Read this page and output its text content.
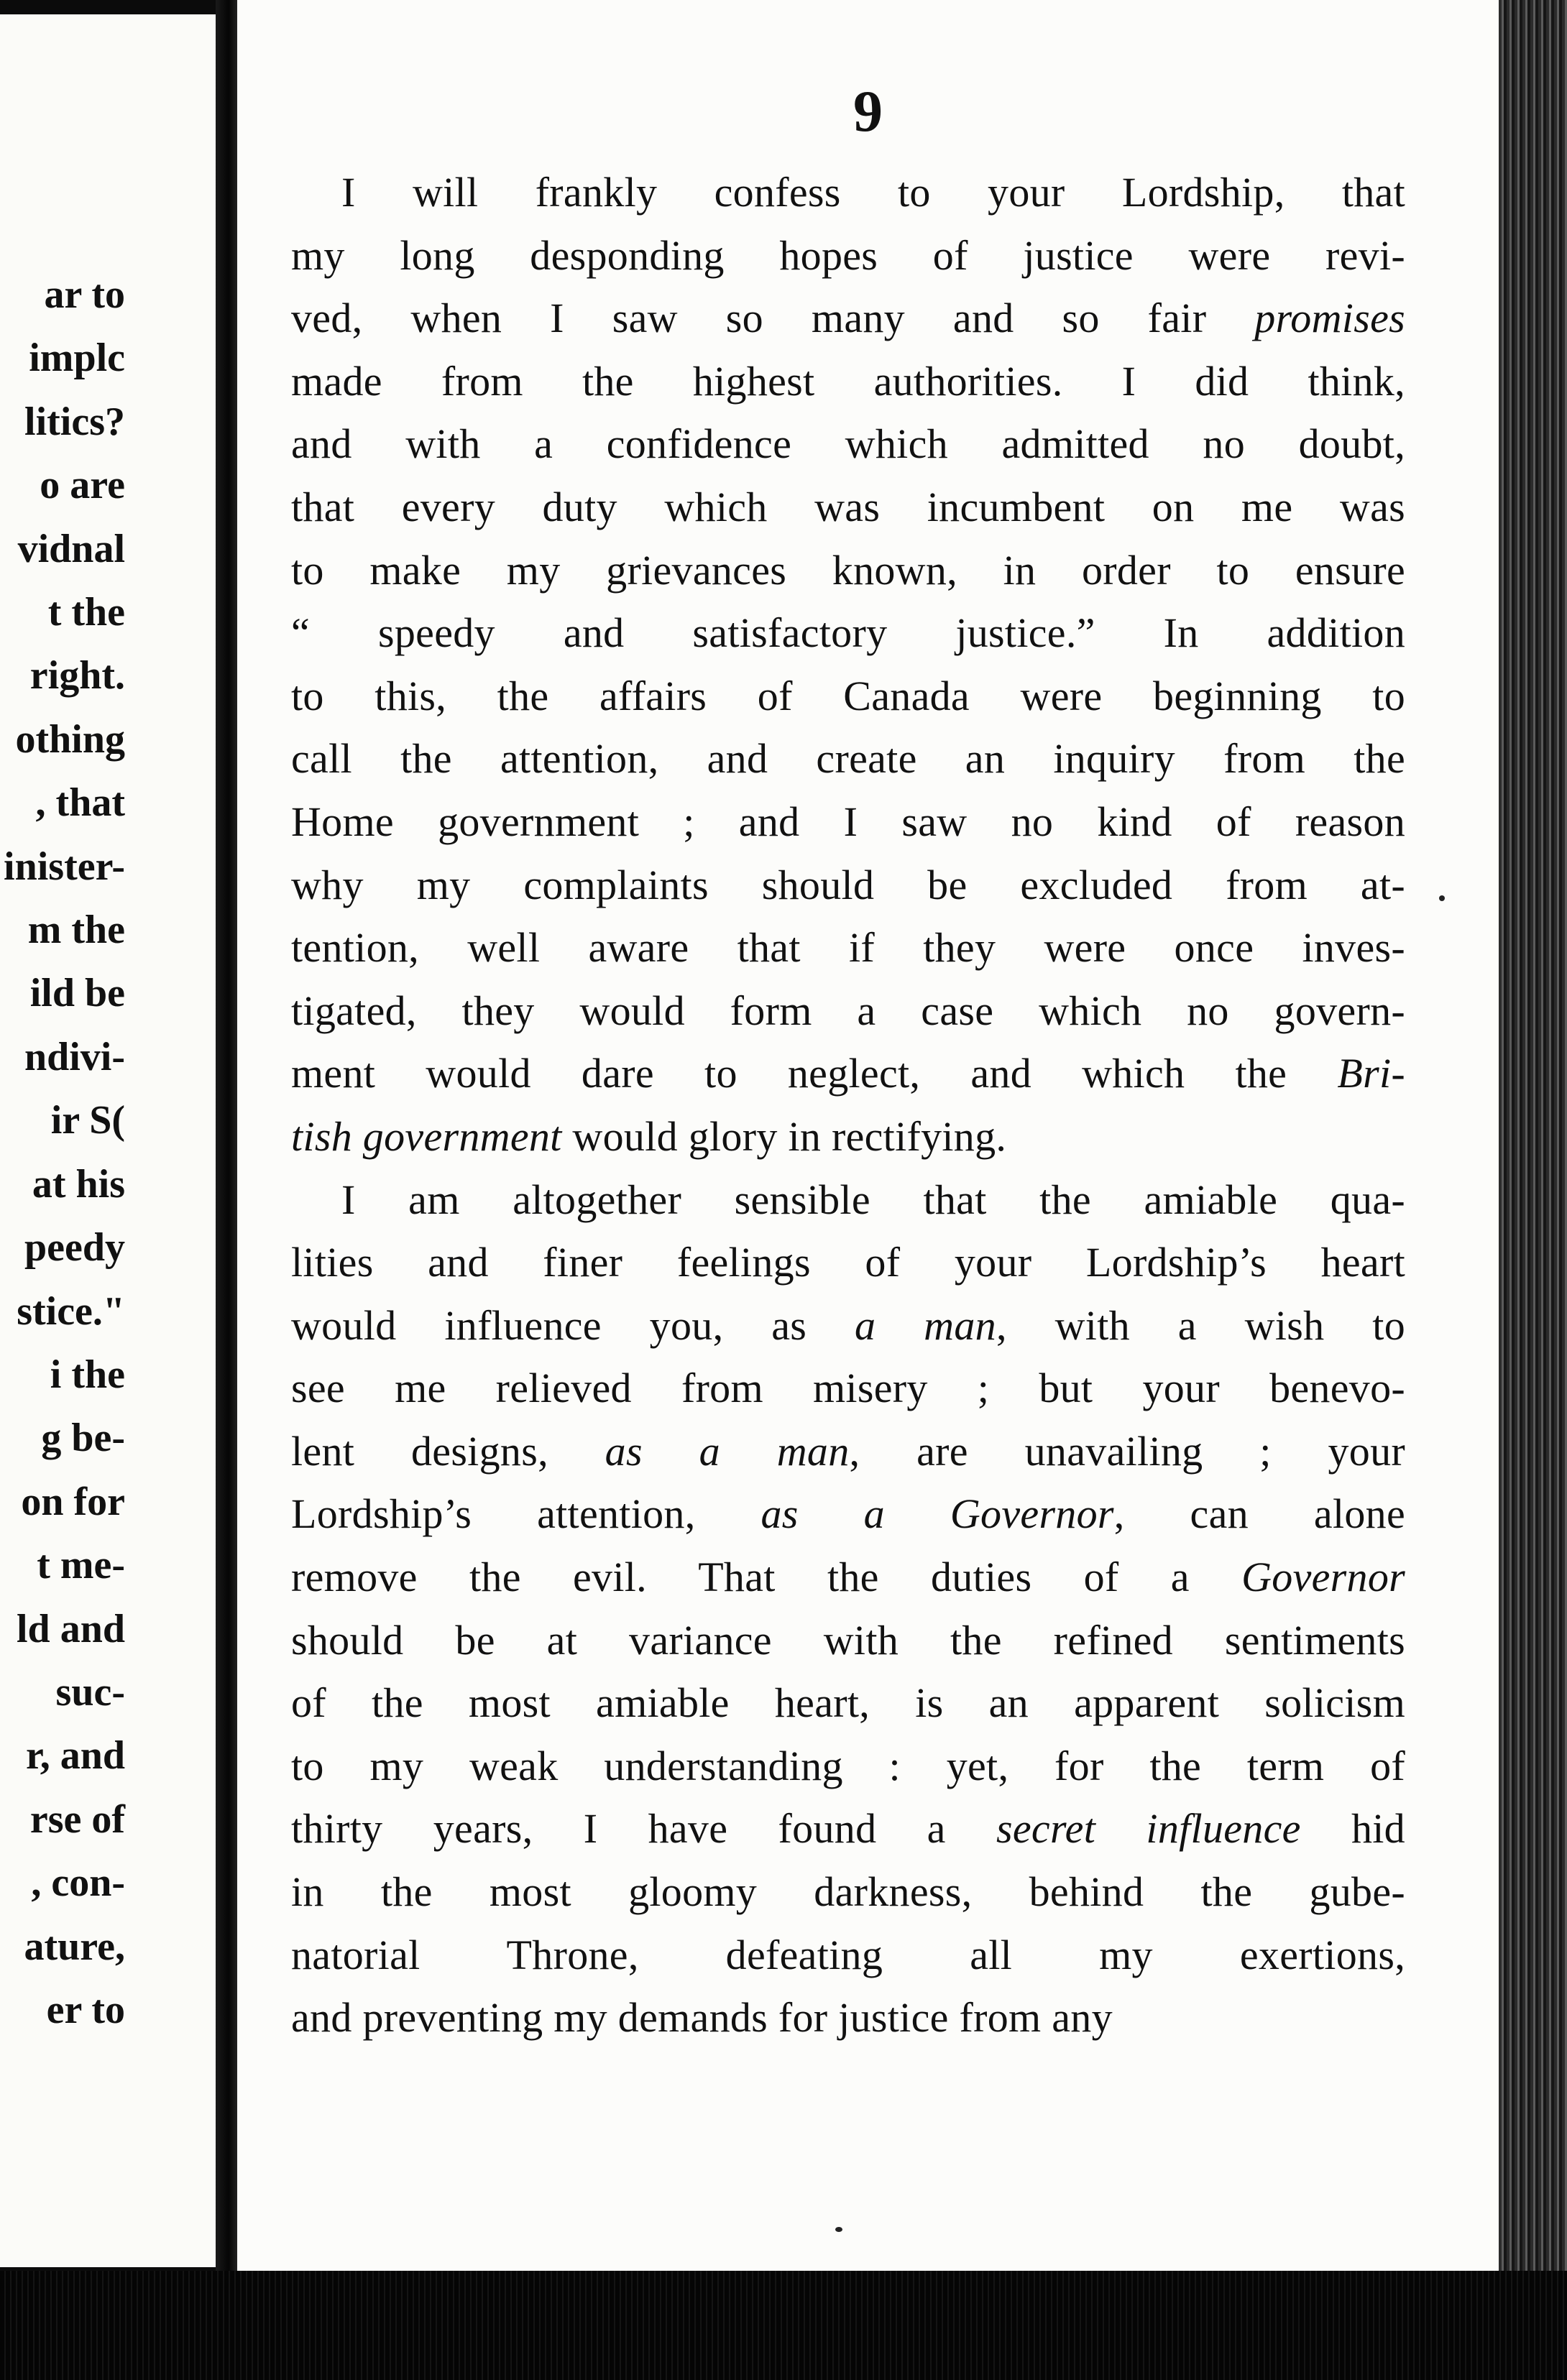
ar to
implc
litics?
o are
vidnal
t the
right.
othing
, that
inister-
m the
ild be
ndivi-
ir S(
at his
peedy
stice."
i the
g be-
on for
t me-
ld and
suc-
r, and
rse of
, con-
ature,
er to
9

I will frankly confess to your Lordship, that
my long desponding hopes of justice were revi-
ved, when I saw so many and so fair promises
made from the highest authorities. I did think,
and with a confidence which admitted no doubt,
that every duty which was incumbent on me was
to make my grievances known, in order to ensure
“ speedy and satisfactory justice.” In addition
to this, the affairs of Canada were beginning to
call the attention, and create an inquiry from the
Home government ; and I saw no kind of reason
why my complaints should be excluded from at-
tention, well aware that if they were once inves-
tigated, they would form a case which no govern-
ment would dare to neglect, and which the Bri-
tish government would glory in rectifying.

I am altogether sensible that the amiable qua-
lities and finer feelings of your Lordship’s heart
would influence you, as a man, with a wish to
see me relieved from misery ; but your benevo-
lent designs, as a man, are unavailing ; your
Lordship’s attention, as a Governor, can alone
remove the evil. That the duties of a Governor
should be at variance with the refined sentiments
of the most amiable heart, is an apparent solicism
to my weak understanding : yet, for the term of
thirty years, I have found a secret influence hid
in the most gloomy darkness, behind the gube-
natorial Throne, defeating all my exertions,
and preventing my demands for justice from any
